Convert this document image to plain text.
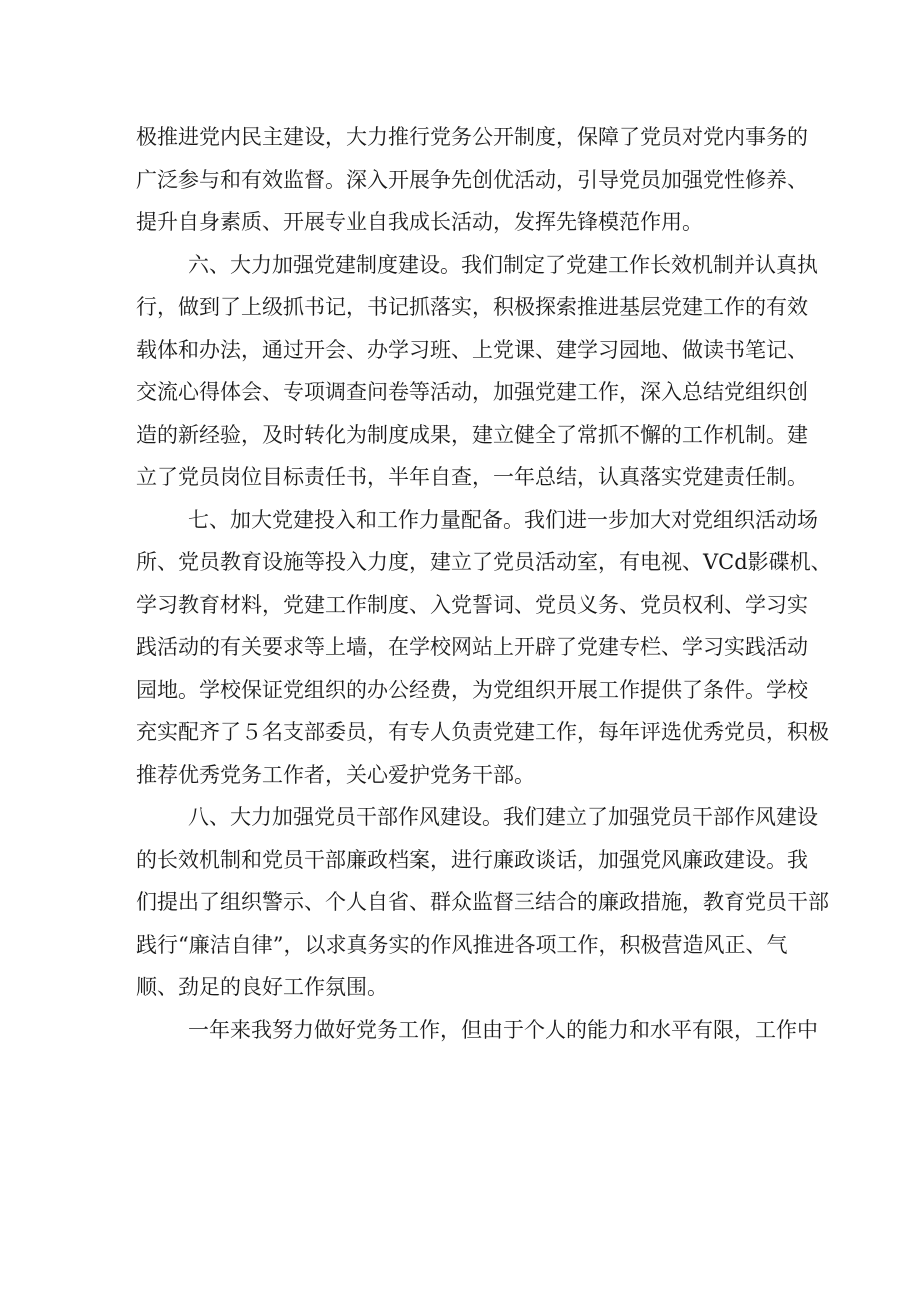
极推进党内民主建设，大力推行党务公开制度，保障了党员对党内事务的
广泛参与和有效监督。深入开展争先创优活动，引导党员加强党性修养、
提升自身素质、开展专业自我成长活动，发挥先锋模范作用。
六、大力加强党建制度建设。我们制定了党建工作长效机制并认真执
行，做到了上级抓书记，书记抓落实，积极探索推进基层党建工作的有效
载体和办法，通过开会、办学习班、上党课、建学习园地、做读书笔记、
交流心得体会、专项调查问卷等活动，加强党建工作，深入总结党组织创
造的新经验，及时转化为制度成果，建立健全了常抓不懈的工作机制。建
立了党员岗位目标责任书，半年自查，一年总结，认真落实党建责任制。
七、加大党建投入和工作力量配备。我们进一步加大对党组织活动场
所、党员教育设施等投入力度，建立了党员活动室，有电视、VCd影碟机、
学习教育材料，党建工作制度、入党誓词、党员义务、党员权利、学习实
践活动的有关要求等上墙，在学校网站上开辟了党建专栏、学习实践活动
园地。学校保证党组织的办公经费，为党组织开展工作提供了条件。学校
充实配齐了５名支部委员，有专人负责党建工作，每年评选优秀党员，积极
推荐优秀党务工作者，关心爱护党务干部。
八、大力加强党员干部作风建设。我们建立了加强党员干部作风建设
的长效机制和党员干部廉政档案，进行廉政谈话，加强党风廉政建设。我
们提出了组织警示、个人自省、群众监督三结合的廉政措施，教育党员干部
践行“廉洁自律”，以求真务实的作风推进各项工作，积极营造风正、气
顺、劲足的良好工作氛围。
一年来我努力做好党务工作，但由于个人的能力和水平有限，工作中
